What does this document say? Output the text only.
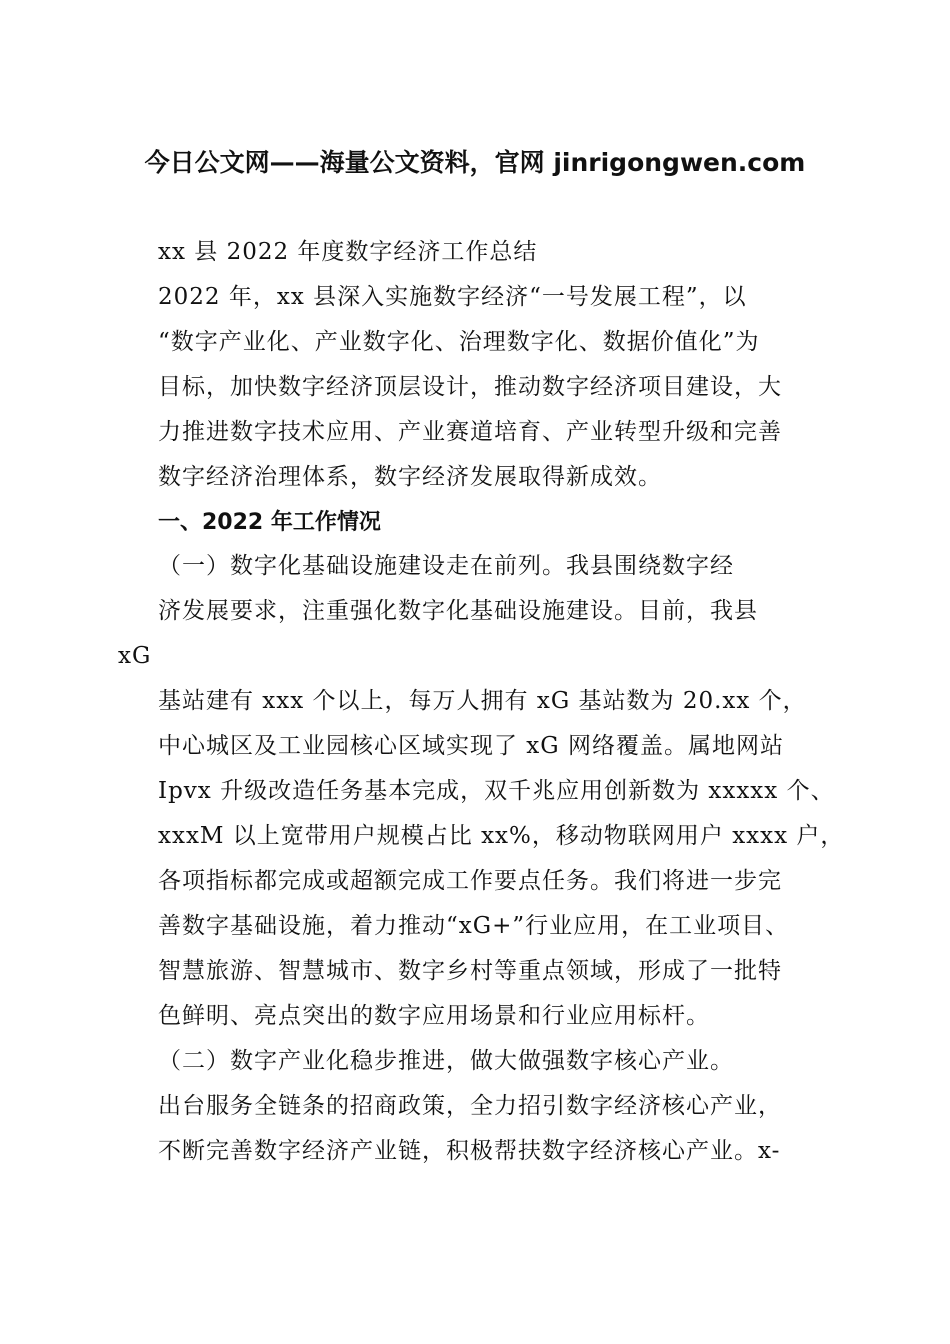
今日公文网——海量公文资料，官网 jinrigongwen.com
xx 县 2022 年度数字经济工作总结
2022 年，xx 县深入实施数字经济“一号发展工程”，以
“数字产业化、产业数字化、治理数字化、数据价值化”为
目标，加快数字经济顶层设计，推动数字经济项目建设，大
力推进数字技术应用、产业赛道培育、产业转型升级和完善
数字经济治理体系，数字经济发展取得新成效。
一、2022 年工作情况
（一）数字化基础设施建设走在前列。我县围绕数字经
济发展要求，注重强化数字化基础设施建设。目前，我县
xG
基站建有 xxx 个以上，每万人拥有 xG 基站数为 20.xx 个，
中心城区及工业园核心区域实现了 xG 网络覆盖。属地网站
Ipvx 升级改造任务基本完成，双千兆应用创新数为 xxxxx 个、
xxxM 以上宽带用户规模占比 xx%，移动物联网用户 xxxx 户，
各项指标都完成或超额完成工作要点任务。我们将进一步完
善数字基础设施，着力推动“xG+”行业应用，在工业项目、
智慧旅游、智慧城市、数字乡村等重点领域，形成了一批特
色鲜明、亮点突出的数字应用场景和行业应用标杆。
（二）数字产业化稳步推进，做大做强数字核心产业。
出台服务全链条的招商政策，全力招引数字经济核心产业，
不断完善数字经济产业链，积极帮扶数字经济核心产业。x-
